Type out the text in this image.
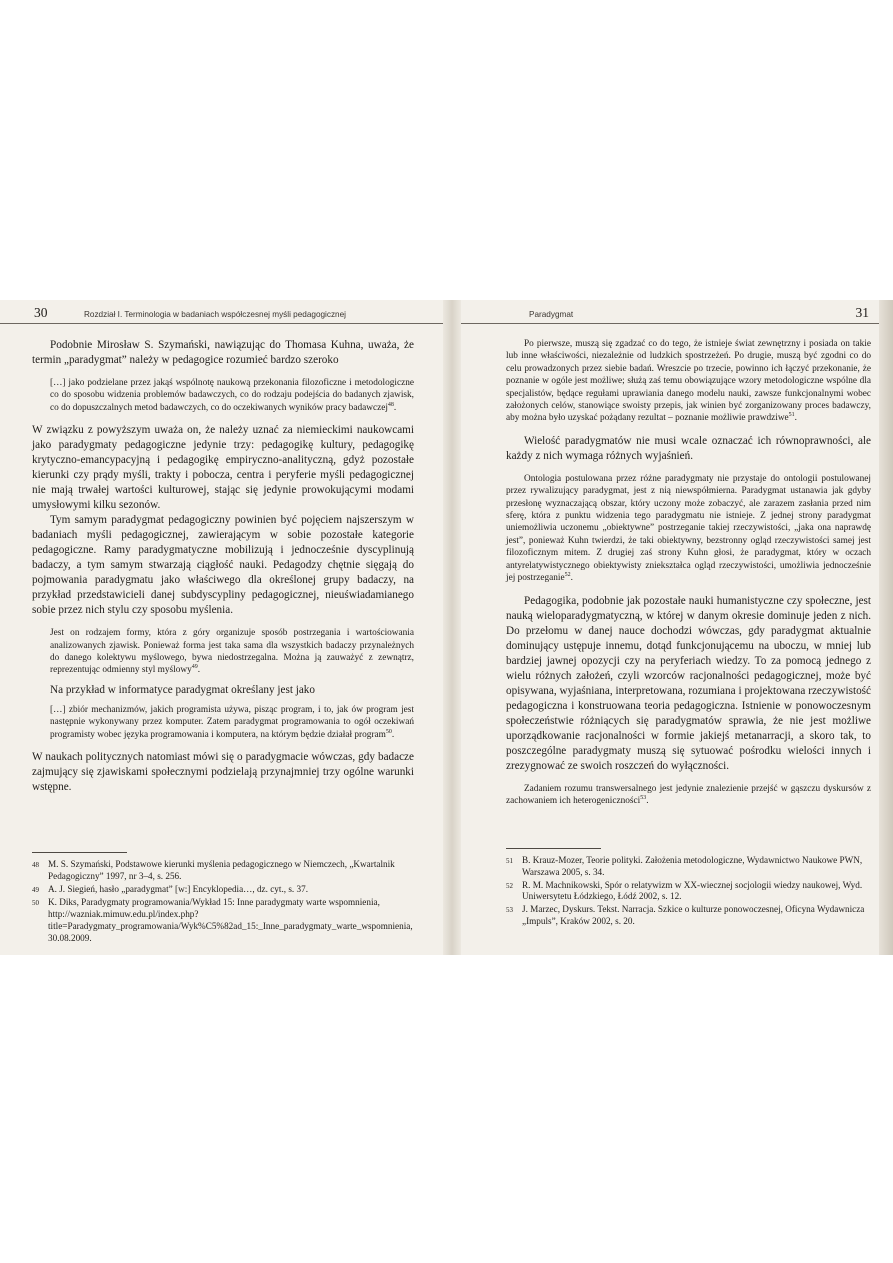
30	Rozdział I. Terminologia w badaniach współczesnej myśli pedagogicznej

Podobnie Mirosław S. Szymański, nawiązując do Thomasa Kuhna, uważa, że termin „paradygmat” należy w pedagogice rozumieć bardzo szeroko

[…] jako podzielane przez jakąś wspólnotę naukową przekonania filozoficzne i metodologiczne co do sposobu widzenia problemów badawczych, co do rodzaju podejścia do badanych zjawisk, co do dopuszczalnych metod badawczych, co do oczekiwanych wyników pracy badawczej$^{48}$.

W związku z powyższym uważa on, że należy uznać za niemieckimi naukowcami jako paradygmaty pedagogiczne jedynie trzy: pedagogikę kultury, pedagogikę krytyczno-emancypacyjną i pedagogikę empiryczno-analityczną, gdyż pozostałe kierunki czy prądy myśli, trakty i pobocza, centra i peryferie myśli pedagogicznej nie mają trwałej wartości kulturowej, stając się jedynie prowokującymi modami umysłowymi kilku sezonów.

Tym samym paradygmat pedagogiczny powinien być pojęciem najszerszym w badaniach myśli pedagogicznej, zawierającym w sobie pozostałe kategorie pedagogiczne. Ramy paradygmatyczne mobilizują i jednocześnie dyscyplinują badaczy, a tym samym stwarzają ciągłość nauki. Pedagodzy chętnie sięgają do pojmowania paradygmatu jako właściwego dla określonej grupy badaczy, na przykład przedstawicieli danej subdyscypliny pedagogicznej, nieuświadamianego sobie przez nich stylu czy sposobu myślenia.

Jest on rodzajem formy, która z góry organizuje sposób postrzegania i wartościowania analizowanych zjawisk. Ponieważ forma jest taka sama dla wszystkich badaczy przynależnych do danego kolektywu myślowego, bywa niedostrzegalna. Można ją zauważyć z zewnątrz, reprezentując odmienny styl myślowy$^{49}$.

Na przykład w informatyce paradygmat określany jest jako

[…] zbiór mechanizmów, jakich programista używa, pisząc program, i to, jak ów program jest następnie wykonywany przez komputer. Zatem paradygmat programowania to ogół oczekiwań programisty wobec języka programowania i komputera, na którym będzie działał program$^{50}$.

W naukach politycznych natomiast mówi się o paradygmacie wówczas, gdy badacze zajmujący się zjawiskami społecznymi podzielają przynajmniej trzy ogólne warunki wstępne.

48 M. S. Szymański, Podstawowe kierunki myślenia pedagogicznego w Niemczech, „Kwartalnik Pedagogiczny” 1997, nr 3–4, s. 256.
49 A. J. Siegień, hasło „paradygmat” [w:] Encyklopedia…, dz. cyt., s. 37.
50 K. Diks, Paradygmaty programowania/Wykład 15: Inne paradygmaty warte wspomnienia, http://wazniak.mimuw.edu.pl/index.php?title=Paradygmaty_programowania/Wyk%C5%82ad_15:_Inne_paradygmaty_warte_wspomnienia, 30.08.2009.
Paradygmat	31

Po pierwsze, muszą się zgadzać co do tego, że istnieje świat zewnętrzny i posiada on takie lub inne właściwości, niezależnie od ludzkich spostrzeżeń. Po drugie, muszą być zgodni co do celu prowadzonych przez siebie badań. Wreszcie po trzecie, powinno ich łączyć przekonanie, że poznanie w ogóle jest możliwe; służą zaś temu obowiązujące wzory metodologiczne wspólne dla specjalistów, będące regułami uprawiania danego modelu nauki, zawsze funkcjonalnymi wobec założonych celów, stanowiące swoisty przepis, jak winien być zorganizowany proces badawczy, aby można było uzyskać pożądany rezultat – poznanie możliwie prawdziwe$^{51}$.

Wielość paradygmatów nie musi wcale oznaczać ich równoprawności, ale każdy z nich wymaga różnych wyjaśnień.

Ontologia postulowana przez różne paradygmaty nie przystaje do ontologii postulowanej przez rywalizujący paradygmat, jest z nią niewspółmierna. Paradygmat ustanawia jak gdyby przesłonę wyznaczającą obszar, który uczony może zobaczyć, ale zarazem zasłania przed nim sferę, która z punktu widzenia tego paradygmatu nie istnieje. Z jednej strony paradygmat uniemożliwia uczonemu „obiektywne” postrzeganie takiej rzeczywistości, „jaka ona naprawdę jest”, ponieważ Kuhn twierdzi, że taki obiektywny, bezstronny ogląd rzeczywistości samej jest filozoficznym mitem. Z drugiej zaś strony Kuhn głosi, że paradygmat, który w oczach antyrelatywistycznego obiektywisty zniekształca ogląd rzeczywistości, umożliwia jednocześnie jej postrzeganie$^{52}$.

Pedagogika, podobnie jak pozostałe nauki humanistyczne czy społeczne, jest nauką wieloparadygmatyczną, w której w danym okresie dominuje jeden z nich. Do przełomu w danej nauce dochodzi wówczas, gdy paradygmat aktualnie dominujący ustępuje innemu, dotąd funkcjonującemu na uboczu, w mniej lub bardziej jawnej opozycji czy na peryferiach wiedzy. To za pomocą jednego z wielu różnych założeń, czyli wzorców racjonalności pedagogicznej, może być opisywana, wyjaśniana, interpretowana, rozumiana i projektowana rzeczywistość pedagogiczna i konstruowana teoria pedagogiczna. Istnienie w ponowoczesnym społeczeństwie różniących się paradygmatów sprawia, że nie jest możliwe uporządkowanie racjonalności w formie jakiejś metanarracji, a skoro tak, to poszczególne paradygmaty muszą się sytuować pośrodku wielości innych i zrezygnować ze swoich roszczeń do wyłączności.

Zadaniem rozumu transwersalnego jest jedynie znalezienie przejść w gąszczu dyskursów z zachowaniem ich heterogeniczności$^{53}$.

51 B. Krauz-Mozer, Teorie polityki. Założenia metodologiczne, Wydawnictwo Naukowe PWN, Warszawa 2005, s. 34.
52 R. M. Machnikowski, Spór o relatywizm w XX-wiecznej socjologii wiedzy naukowej, Wyd. Uniwersytetu Łódzkiego, Łódź 2002, s. 12.
53 J. Marzec, Dyskurs. Tekst. Narracja. Szkice o kulturze ponowoczesnej, Oficyna Wydawnicza „Impuls”, Kraków 2002, s. 20.
